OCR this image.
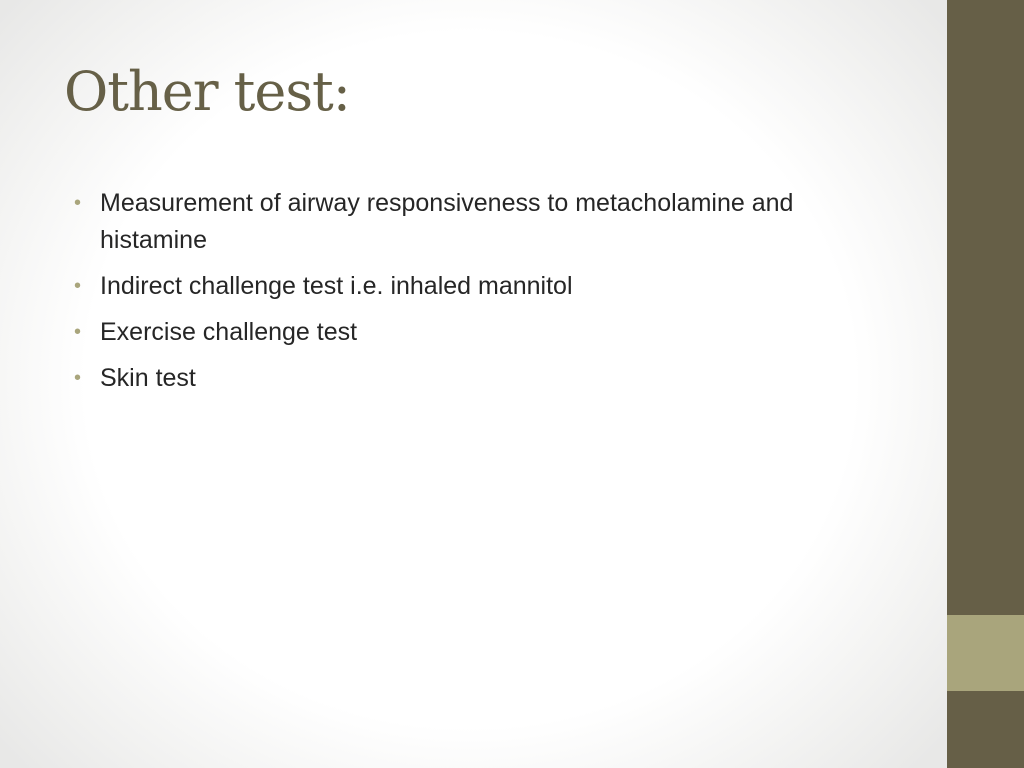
Other test:
• Measurement of airway responsiveness to metacholamine and histamine
• Indirect challenge test i.e. inhaled mannitol
• Exercise challenge test
• Skin test
